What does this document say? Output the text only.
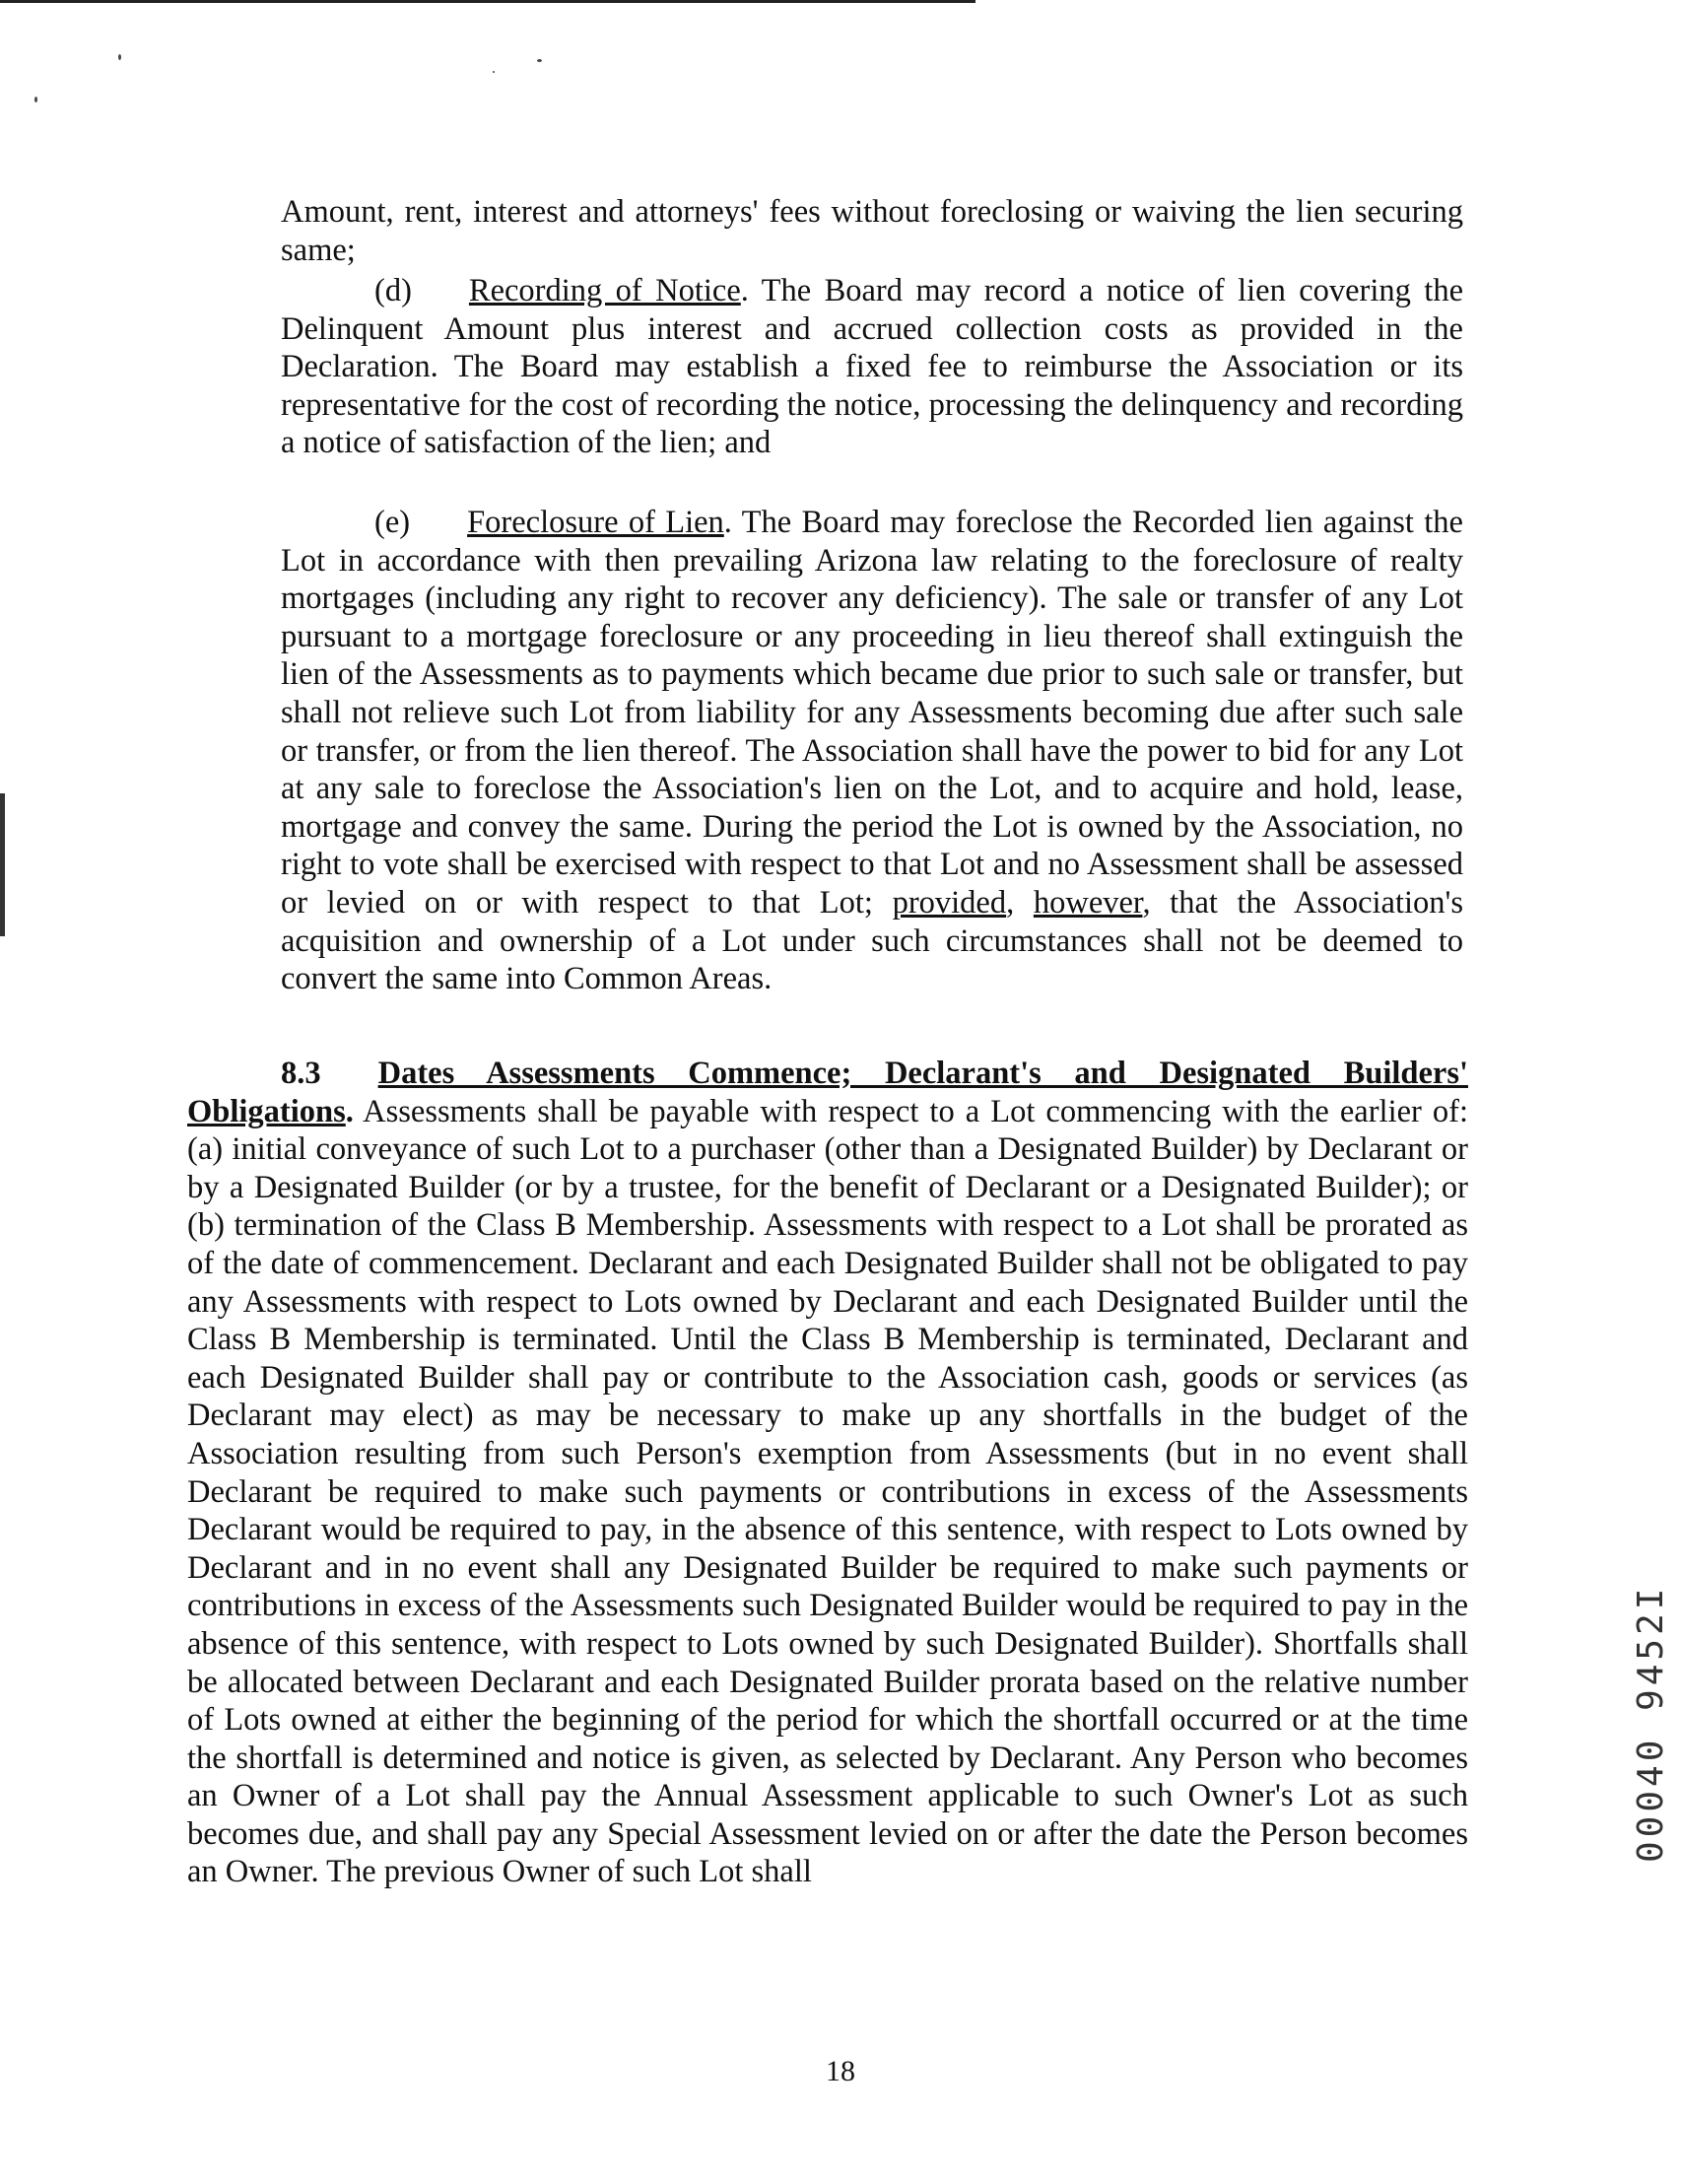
Amount, rent, interest and attorneys' fees without foreclosing or waiving the lien securing same;

(d) Recording of Notice. The Board may record a notice of lien covering the Delinquent Amount plus interest and accrued collection costs as provided in the Declaration. The Board may establish a fixed fee to reimburse the Association or its representative for the cost of recording the notice, processing the delinquency and recording a notice of satisfaction of the lien; and

(e) Foreclosure of Lien. The Board may foreclose the Recorded lien against the Lot in accordance with then prevailing Arizona law relating to the foreclosure of realty mortgages (including any right to recover any deficiency). The sale or transfer of any Lot pursuant to a mortgage foreclosure or any proceeding in lieu thereof shall extinguish the lien of the Assessments as to payments which became due prior to such sale or transfer, but shall not relieve such Lot from liability for any Assessments becoming due after such sale or transfer, or from the lien thereof. The Association shall have the power to bid for any Lot at any sale to foreclose the Association's lien on the Lot, and to acquire and hold, lease, mortgage and convey the same. During the period the Lot is owned by the Association, no right to vote shall be exercised with respect to that Lot and no Assessment shall be assessed or levied on or with respect to that Lot; provided, however, that the Association's acquisition and ownership of a Lot under such circumstances shall not be deemed to convert the same into Common Areas.

8.3 Dates Assessments Commence; Declarant's and Designated Builders' Obligations. Assessments shall be payable with respect to a Lot commencing with the earlier of: (a) initial conveyance of such Lot to a purchaser (other than a Designated Builder) by Declarant or by a Designated Builder (or by a trustee, for the benefit of Declarant or a Designated Builder); or (b) termination of the Class B Membership. Assessments with respect to a Lot shall be prorated as of the date of commencement. Declarant and each Designated Builder shall not be obligated to pay any Assessments with respect to Lots owned by Declarant and each Designated Builder until the Class B Membership is terminated. Until the Class B Membership is terminated, Declarant and each Designated Builder shall pay or contribute to the Association cash, goods or services (as Declarant may elect) as may be necessary to make up any shortfalls in the budget of the Association resulting from such Person's exemption from Assessments (but in no event shall Declarant be required to make such payments or contributions in excess of the Assessments Declarant would be required to pay, in the absence of this sentence, with respect to Lots owned by Declarant and in no event shall any Designated Builder be required to make such payments or contributions in excess of the Assessments such Designated Builder would be required to pay in the absence of this sentence, with respect to Lots owned by such Designated Builder). Shortfalls shall be allocated between Declarant and each Designated Builder prorata based on the relative number of Lots owned at either the beginning of the period for which the shortfall occurred or at the time the shortfall is determined and notice is given, as selected by Declarant. Any Person who becomes an Owner of a Lot shall pay the Annual Assessment applicable to such Owner's Lot as such becomes due, and shall pay any Special Assessment levied on or after the date the Person becomes an Owner. The previous Owner of such Lot shall

18
00040 9452I
